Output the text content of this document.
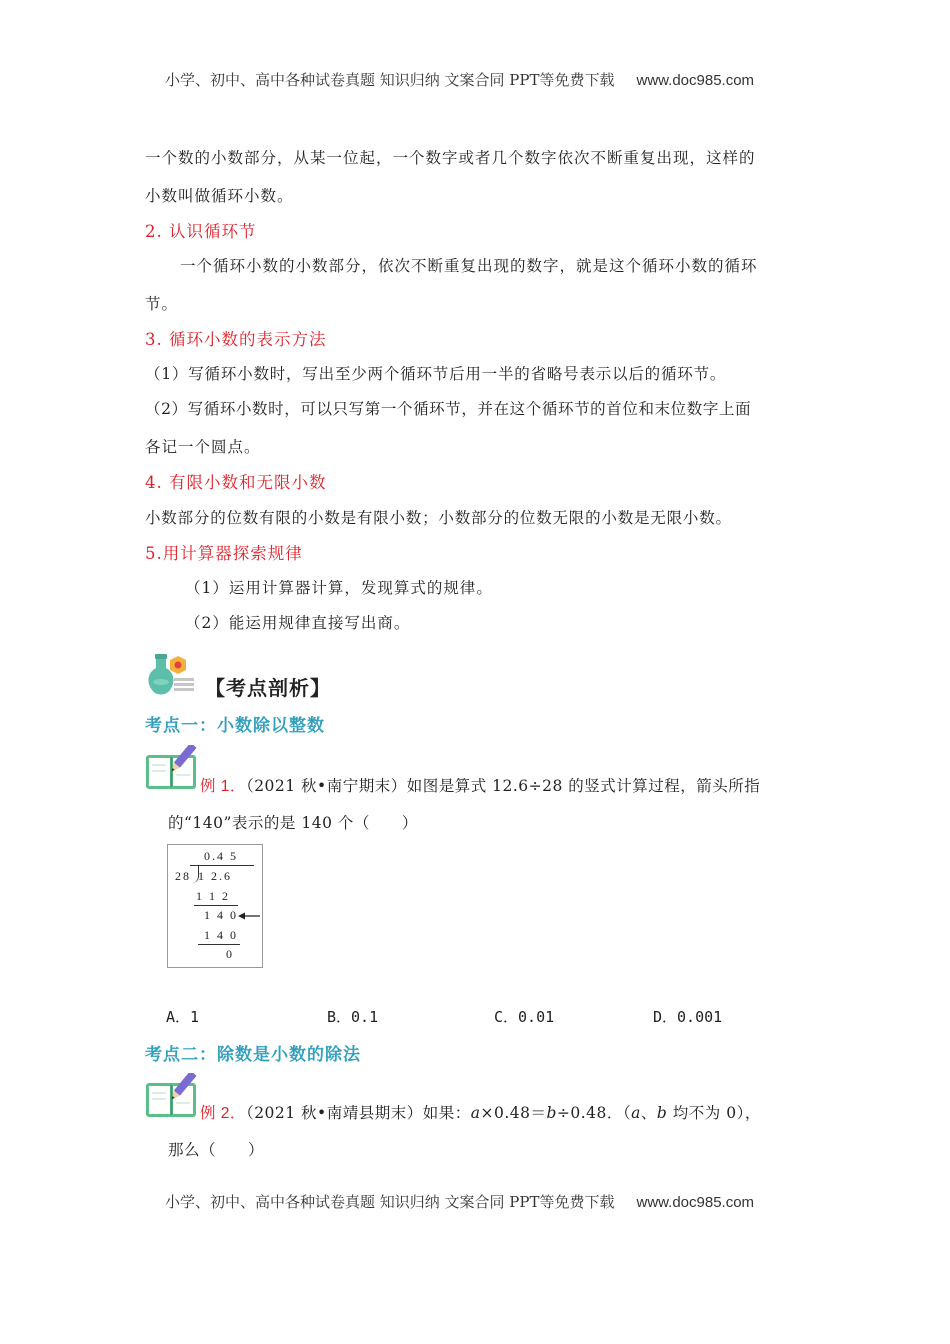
小学、初中、高中各种试卷真题 知识归纳 文案合同 PPT等免费下载 www.doc985.com
一个数的小数部分，从某一位起，一个数字或者几个数字依次不断重复出现，这样的
小数叫做循环小数。
2. 认识循环节
一个循环小数的小数部分，依次不断重复出现的数字，就是这个循环小数的循环
节。
3. 循环小数的表示方法
（1）写循环小数时，写出至少两个循环节后用一半的省略号表示以后的循环节。
（2）写循环小数时，可以只写第一个循环节，并在这个循环节的首位和末位数字上面
各记一个圆点。
4. 有限小数和无限小数
小数部分的位数有限的小数是有限小数；小数部分的位数无限的小数是无限小数。
5.用计算器探索规律
（1）运用计算器计算，发现算式的规律。
（2）能运用规律直接写出商。
【考点剖析】
考点一：小数除以整数
例 1．（2021 秋•南宁期末）如图是算式 12.6÷28 的竖式计算过程，箭头所指
的“140”表示的是 140 个（　　）
0.4 5
28 1 2.6
1 1 2
1 4 0
1 4 0
0
A．1	B．0.1	C．0.01	D．0.001
考点二：除数是小数的除法
例 2．（2021 秋•南靖县期末）如果：a×0.48＝b÷0.48．（a、b 均不为 0），
那么（　　）
小学、初中、高中各种试卷真题 知识归纳 文案合同 PPT等免费下载 www.doc985.com
